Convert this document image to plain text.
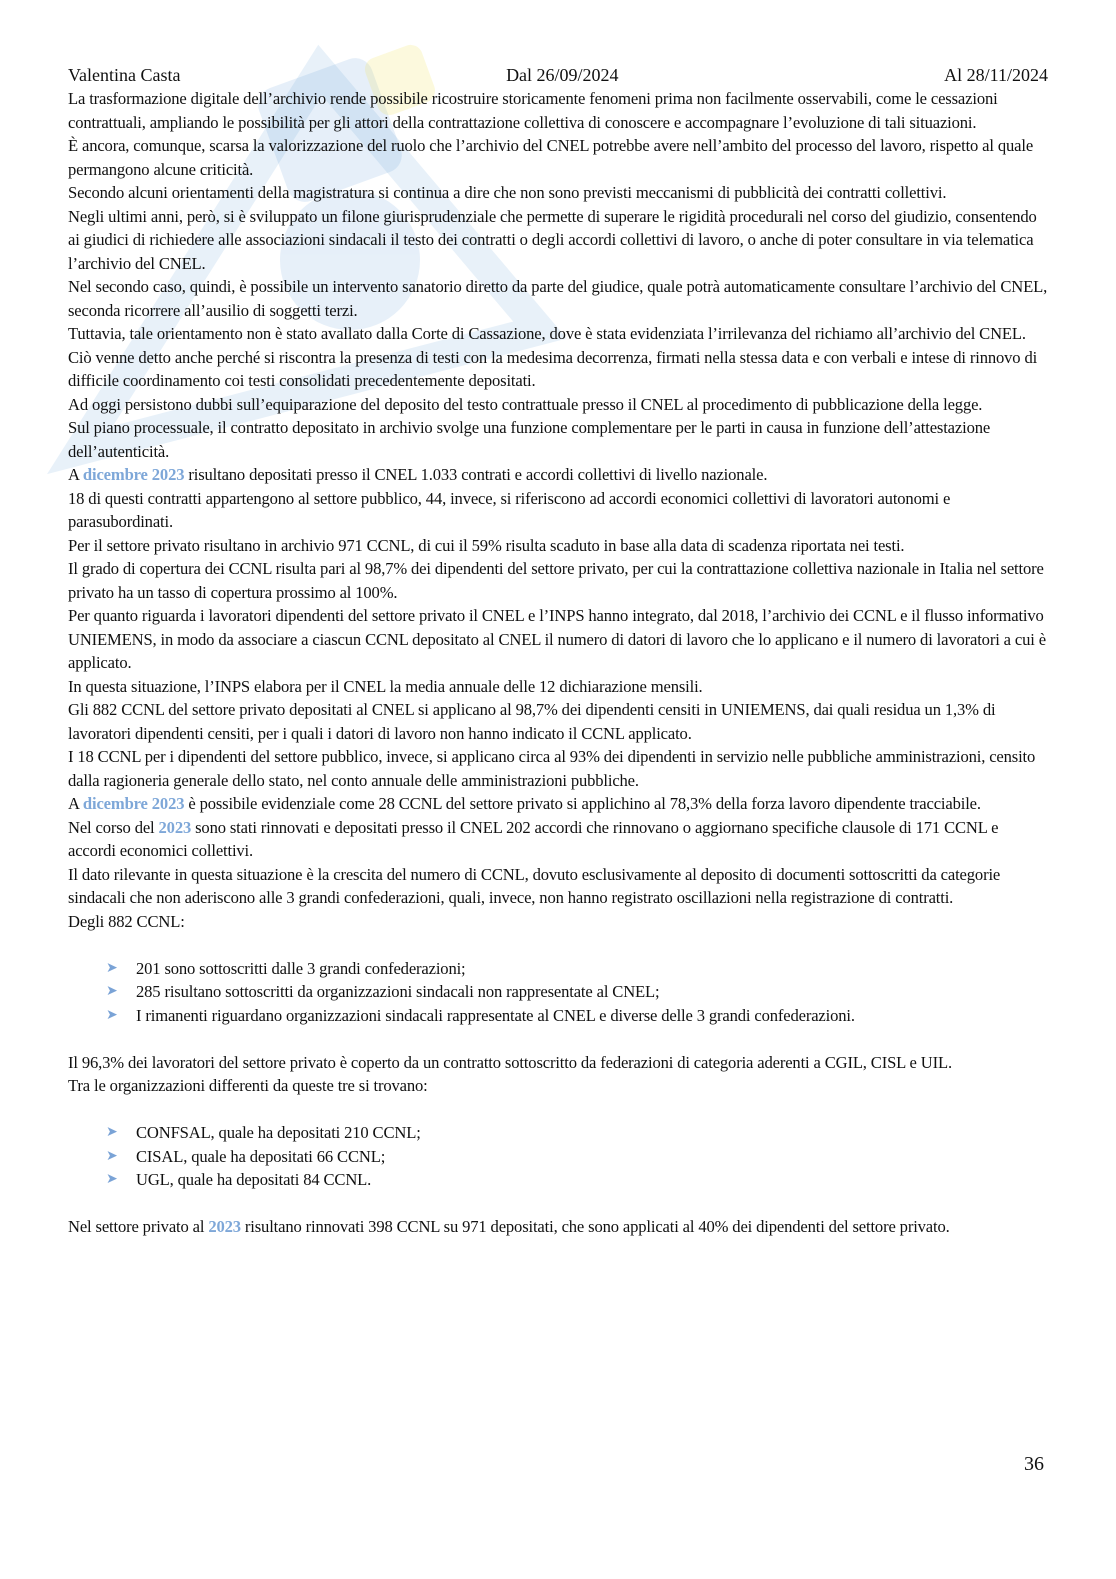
Valentina Casta	Dal 26/09/2024	Al 28/11/2024

La trasformazione digitale dell’archivio rende possibile ricostruire storicamente fenomeni prima non facilmente osservabili, come le cessazioni contrattuali, ampliando le possibilità per gli attori della contrattazione collettiva di conoscere e accompagnare l’evoluzione di tali situazioni.

È ancora, comunque, scarsa la valorizzazione del ruolo che l’archivio del CNEL potrebbe avere nell’ambito del processo del lavoro, rispetto al quale permangono alcune criticità.

Secondo alcuni orientamenti della magistratura si continua a dire che non sono previsti meccanismi di pubblicità dei contratti collettivi.

Negli ultimi anni, però, si è sviluppato un filone giurisprudenziale che permette di superare le rigidità procedurali nel corso del giudizio, consentendo ai giudici di richiedere alle associazioni sindacali il testo dei contratti o degli accordi collettivi di lavoro, o anche di poter consultare in via telematica l’archivio del CNEL.

Nel secondo caso, quindi, è possibile un intervento sanatorio diretto da parte del giudice, quale potrà automaticamente consultare l’archivio del CNEL, seconda ricorrere all’ausilio di soggetti terzi.

Tuttavia, tale orientamento non è stato avallato dalla Corte di Cassazione, dove è stata evidenziata l’irrilevanza del richiamo all’archivio del CNEL.

Ciò venne detto anche perché si riscontra la presenza di testi con la medesima decorrenza, firmati nella stessa data e con verbali e intese di rinnovo di difficile coordinamento coi testi consolidati precedentemente depositati.

Ad oggi persistono dubbi sull’equiparazione del deposito del testo contrattuale presso il CNEL al procedimento di pubblicazione della legge.

Sul piano processuale, il contratto depositato in archivio svolge una funzione complementare per le parti in causa in funzione dell’attestazione dell’autenticità.

A dicembre 2023 risultano depositati presso il CNEL 1.033 contrati e accordi collettivi di livello nazionale.

18 di questi contratti appartengono al settore pubblico, 44, invece, si riferiscono ad accordi economici collettivi di lavoratori autonomi e parasubordinati.

Per il settore privato risultano in archivio 971 CCNL, di cui il 59% risulta scaduto in base alla data di scadenza riportata nei testi.

Il grado di copertura dei CCNL risulta pari al 98,7% dei dipendenti del settore privato, per cui la contrattazione collettiva nazionale in Italia nel settore privato ha un tasso di copertura prossimo al 100%.

Per quanto riguarda i lavoratori dipendenti del settore privato il CNEL e l’INPS hanno integrato, dal 2018, l’archivio dei CCNL e il flusso informativo UNIEMENS, in modo da associare a ciascun CCNL depositato al CNEL il numero di datori di lavoro che lo applicano e il numero di lavoratori a cui è applicato.

In questa situazione, l’INPS elabora per il CNEL la media annuale delle 12 dichiarazione mensili.

Gli 882 CCNL del settore privato depositati al CNEL si applicano al 98,7% dei dipendenti censiti in UNIEMENS, dai quali residua un 1,3% di lavoratori dipendenti censiti, per i quali i datori di lavoro non hanno indicato il CCNL applicato.

I 18 CCNL per i dipendenti del settore pubblico, invece, si applicano circa al 93% dei dipendenti in servizio nelle pubbliche amministrazioni, censito dalla ragioneria generale dello stato, nel conto annuale delle amministrazioni pubbliche.

A dicembre 2023 è possibile evidenziale come 28 CCNL del settore privato si applichino al 78,3% della forza lavoro dipendente tracciabile.

Nel corso del 2023 sono stati rinnovati e depositati presso il CNEL 202 accordi che rinnovano o aggiornano specifiche clausole di 171 CCNL e accordi economici collettivi.

Il dato rilevante in questa situazione è la crescita del numero di CCNL, dovuto esclusivamente al deposito di documenti sottoscritti da categorie sindacali che non aderiscono alle 3 grandi confederazioni, quali, invece, non hanno registrato oscillazioni nella registrazione di contratti.

Degli 882 CCNL:

➤ 201 sono sottoscritti dalle 3 grandi confederazioni;
➤ 285 risultano sottoscritti da organizzazioni sindacali non rappresentate al CNEL;
➤ I rimanenti riguardano organizzazioni sindacali rappresentate al CNEL e diverse delle 3 grandi confederazioni.

Il 96,3% dei lavoratori del settore privato è coperto da un contratto sottoscritto da federazioni di categoria aderenti a CGIL, CISL e UIL.

Tra le organizzazioni differenti da queste tre si trovano:

➤ CONFSAL, quale ha depositati 210 CCNL;
➤ CISAL, quale ha depositati 66 CCNL;
➤ UGL, quale ha depositati 84 CCNL.

Nel settore privato al 2023 risultano rinnovati 398 CCNL su 971 depositati, che sono applicati al 40% dei dipendenti del settore privato.

36
